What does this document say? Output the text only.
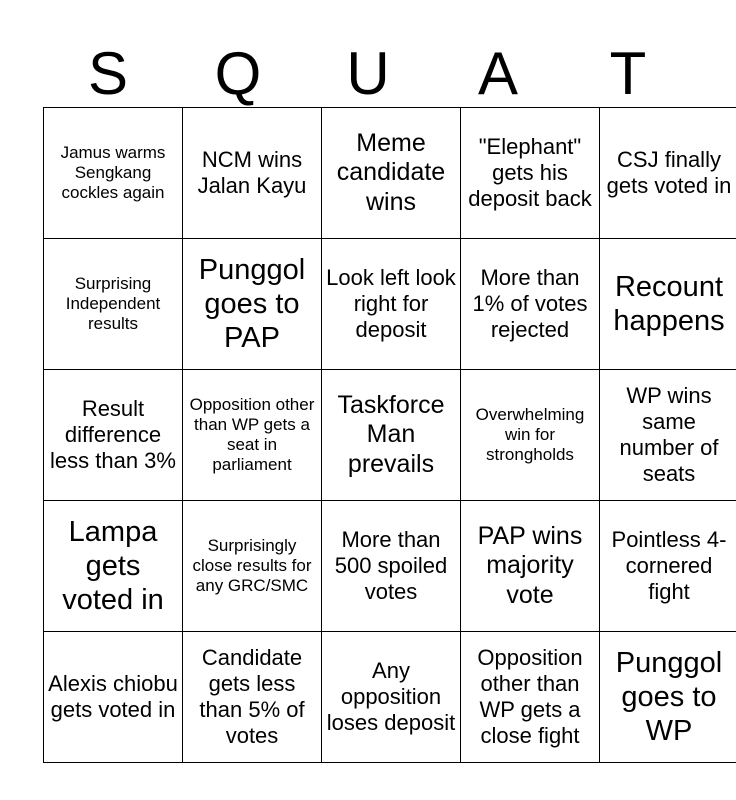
S	Q	U	A	T
Jamus warms Sengkang cockles again	NCM wins Jalan Kayu	Meme candidate wins	"Elephant" gets his deposit back	CSJ finally gets voted in
Surprising Independent results	Punggol goes to PAP	Look left look right for deposit	More than 1% of votes rejected	Recount happens
Result difference less than 3%	Opposition other than WP gets a seat in parliament	Taskforce Man prevails	Overwhelming win for strongholds	WP wins same number of seats
Lampa gets voted in	Surprisingly close results for any GRC/SMC	More than 500 spoiled votes	PAP wins majority vote	Pointless 4-cornered fight
Alexis chiobu gets voted in	Candidate gets less than 5% of votes	Any opposition loses deposit	Opposition other than WP gets a close fight	Punggol goes to WP
